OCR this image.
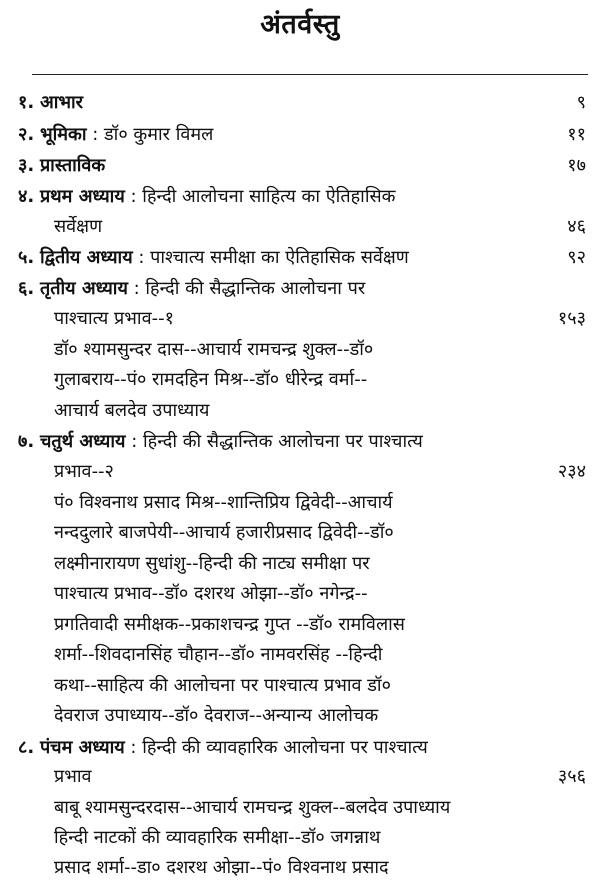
अंतर्वस्तु
१. आभार	९
२. भूमिका : डॉ० कुमार विमल	११
३. प्रास्ताविक	१७
४. प्रथम अध्याय : हिन्दी आलोचना साहित्य का ऐतिहासिक
सर्वेक्षण	४६
५. द्वितीय अध्याय : पाश्चात्य समीक्षा का ऐतिहासिक सर्वेक्षण	९२
६. तृतीय अध्याय : हिन्दी की सैद्धान्तिक आलोचना पर
पाश्चात्य प्रभाव--१	१५३
डॉ० श्यामसुन्दर दास--आचार्य रामचन्द्र शुक्ल--डॉ०
गुलाबराय--पं० रामदहिन मिश्र--डॉ० धीरेन्द्र वर्मा--
आचार्य बलदेव उपाध्याय
७. चतुर्थ अध्याय : हिन्दी की सैद्धान्तिक आलोचना पर पाश्चात्य
प्रभाव--२	२३४
पं० विश्वनाथ प्रसाद मिश्र--शान्तिप्रिय द्विवेदी--आचार्य
नन्ददुलारे बाजपेयी--आचार्य हजारीप्रसाद द्विवेदी--डॉ०
लक्ष्मीनारायण सुधांशु--हिन्दी की नाट्य समीक्षा पर
पाश्चात्य प्रभाव--डॉ० दशरथ ओझा--डॉ० नगेन्द्र--
प्रगतिवादी समीक्षक--प्रकाशचन्द्र गुप्त --डॉ० रामविलास
शर्मा--शिवदानसिंह चौहान--डॉ० नामवरसिंह --हिन्दी
कथा--साहित्य की आलोचना पर पाश्चात्य प्रभाव डॉ०
देवराज उपाध्याय--डॉ० देवराज--अन्यान्य आलोचक
८. पंचम अध्याय : हिन्दी की व्यावहारिक आलोचना पर पाश्चात्य
प्रभाव	३५६
बाबू श्यामसुन्दरदास--आचार्य रामचन्द्र शुक्ल--बलदेव उपाध्याय
हिन्दी नाटकों की व्यावहारिक समीक्षा--डॉ० जगन्नाथ
प्रसाद शर्मा--डा० दशरथ ओझा--पं० विश्वनाथ प्रसाद
